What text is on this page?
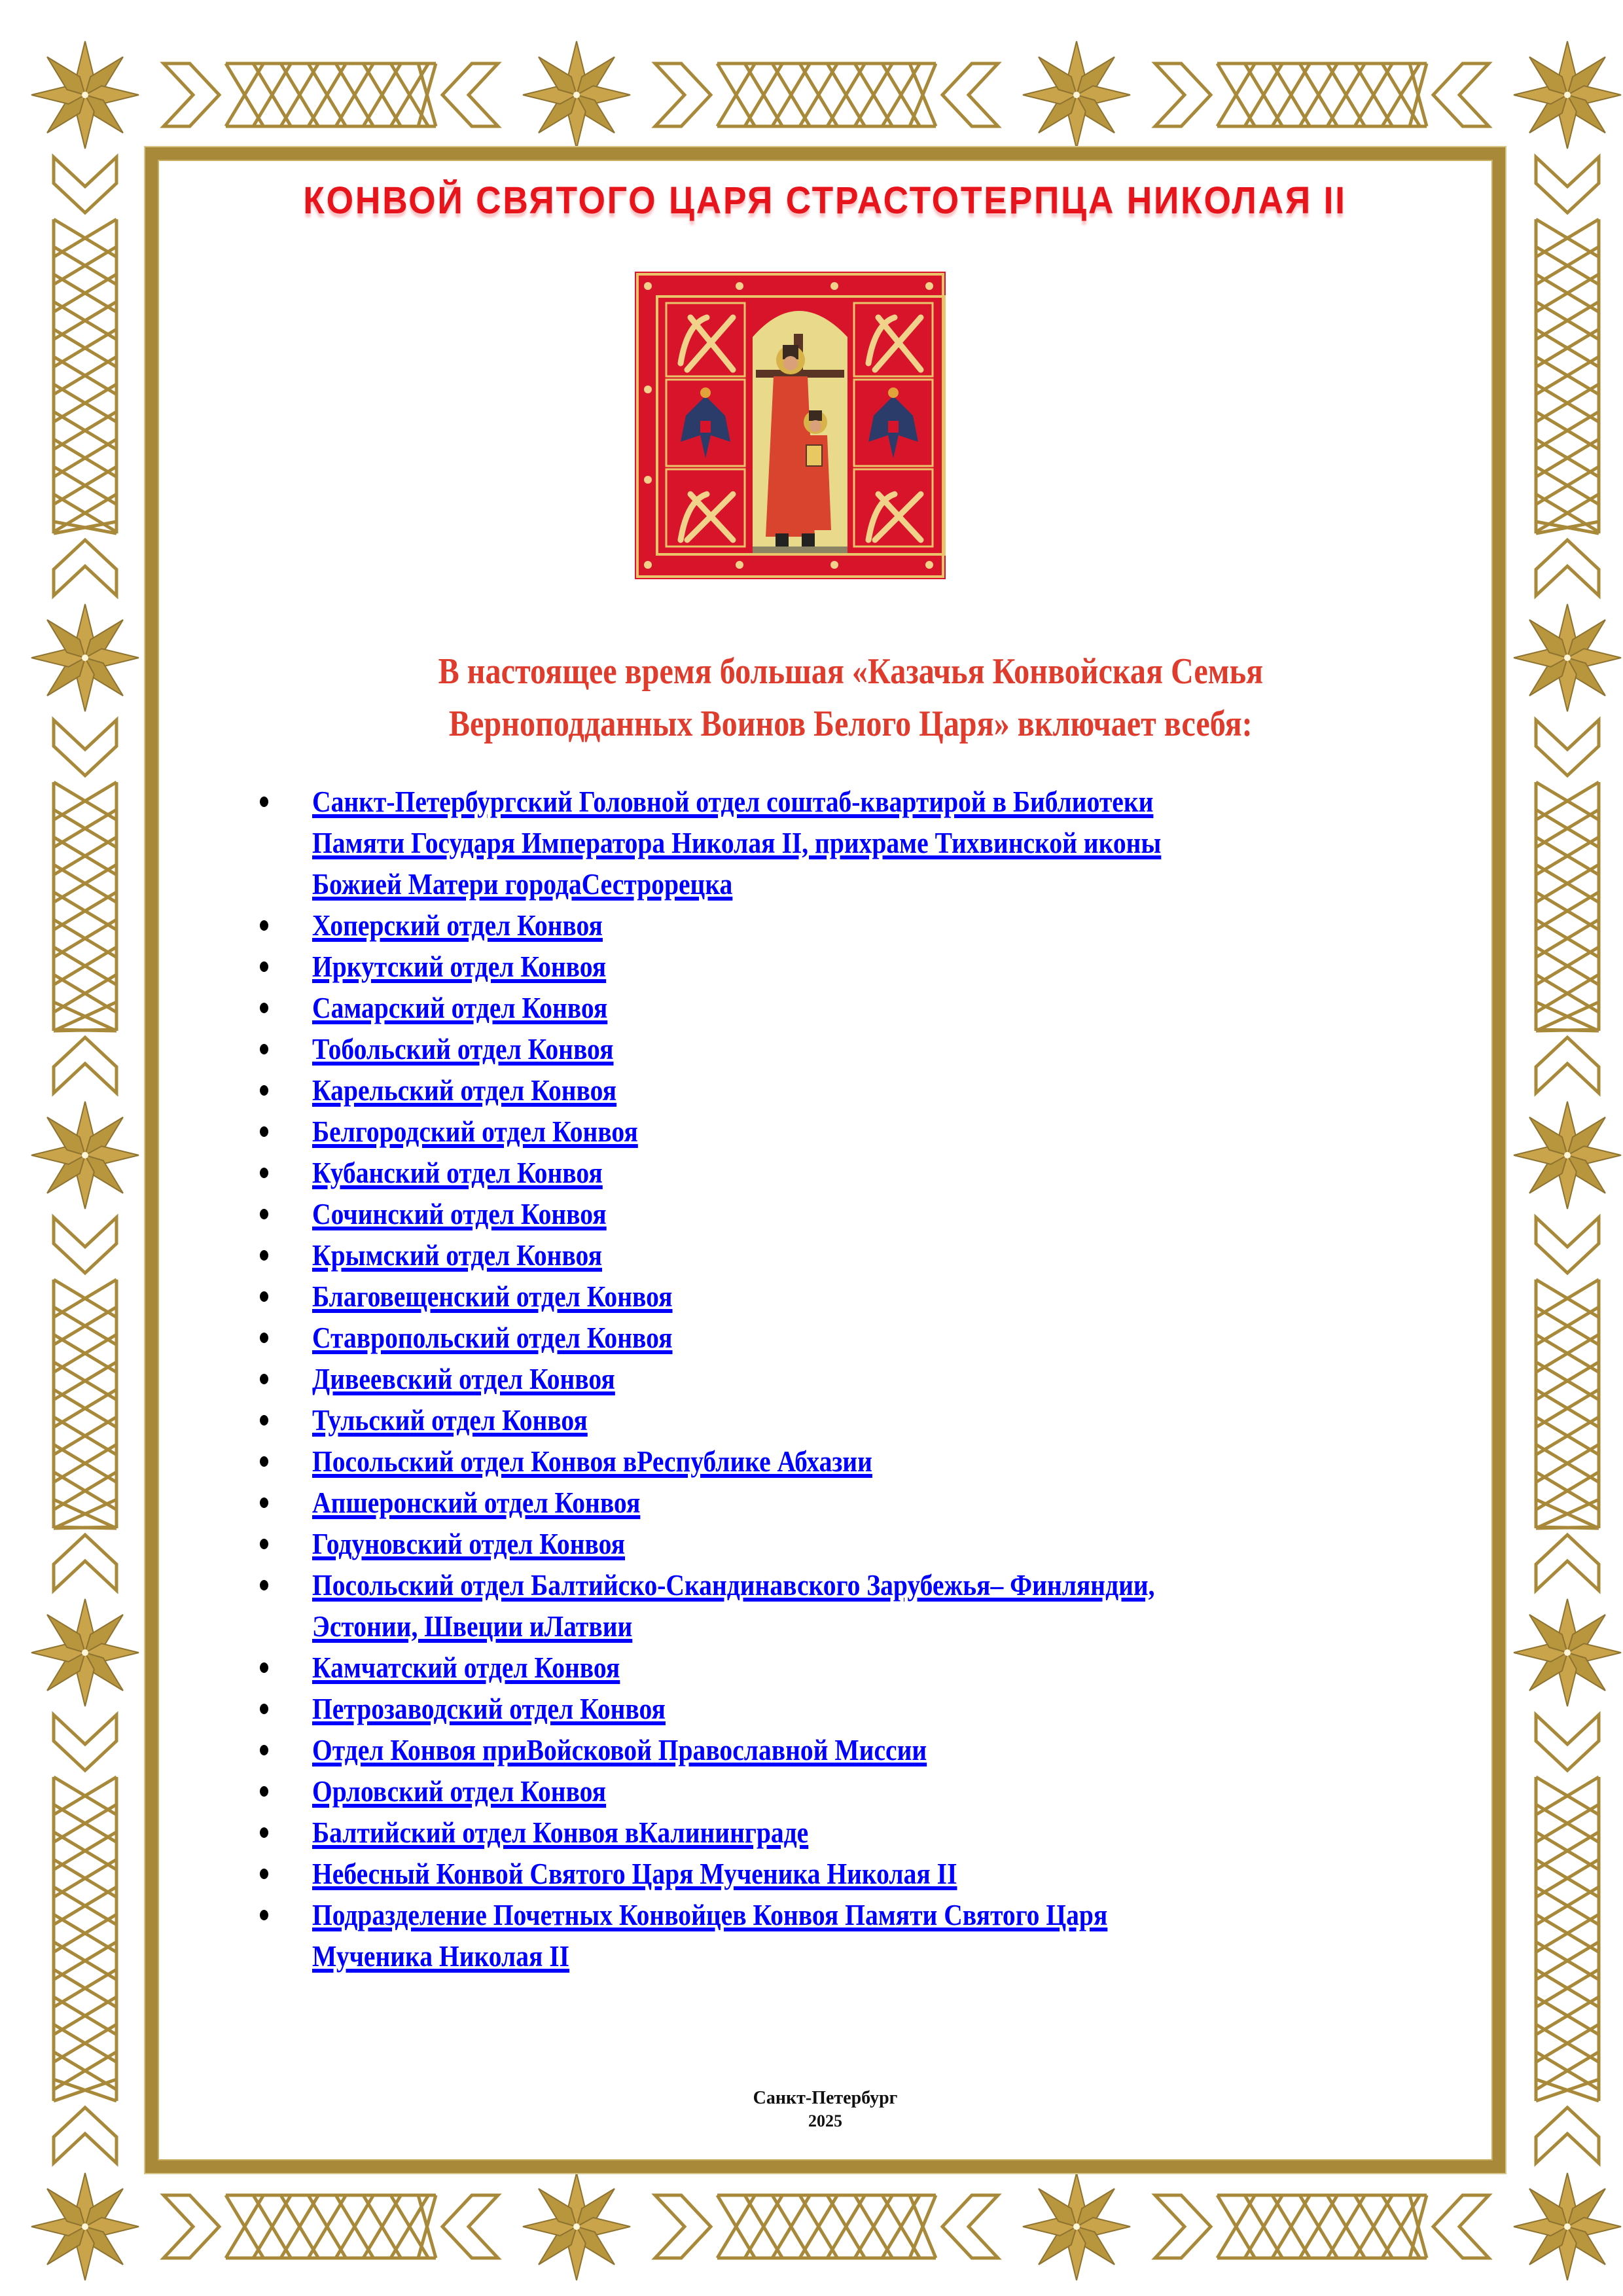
КОНВОЙ СВЯТОГО ЦАРЯ СТРАСТОТЕРПЦА НИКОЛАЯ II
В настоящее время большая «Казачья Конвойская Семья
Верноподданных Воинов Белого Царя» включает всебя:
Санкт-Петербургский Головной отдел соштаб-квартирой в Библиотеки
Памяти Государя Императора Николая II, прихраме Тихвинской иконы
Божией Матери городаСестрорецка
Хоперский отдел Конвоя
Иркутский отдел Конвоя
Самарский отдел Конвоя
Тобольский отдел Конвоя
Карельский отдел Конвоя
Белгородский отдел Конвоя
Кубанский отдел Конвоя
Сочинский отдел Конвоя
Крымский отдел Конвоя
Благовещенский отдел Конвоя
Ставропольский отдел Конвоя
Дивеевский отдел Конвоя
Тульский отдел Конвоя
Посольский отдел Конвоя вРеспублике Абхазии
Апшеронский отдел Конвоя
Годуновский отдел Конвоя
Посольский отдел Балтийско-Скандинавского Зарубежья– Финляндии,
Эстонии, Швеции иЛатвии
Камчатский отдел Конвоя
Петрозаводский отдел Конвоя
Отдел Конвоя приВойсковой Православной Миссии
Орловский отдел Конвоя
Балтийский отдел Конвоя вКалининграде
Небесный Конвой Святого Царя Мученика Николая II
Подразделение Почетных Конвойцев Конвоя Памяти Святого Царя
Мученика Николая II
Санкт-Петербург
2025
